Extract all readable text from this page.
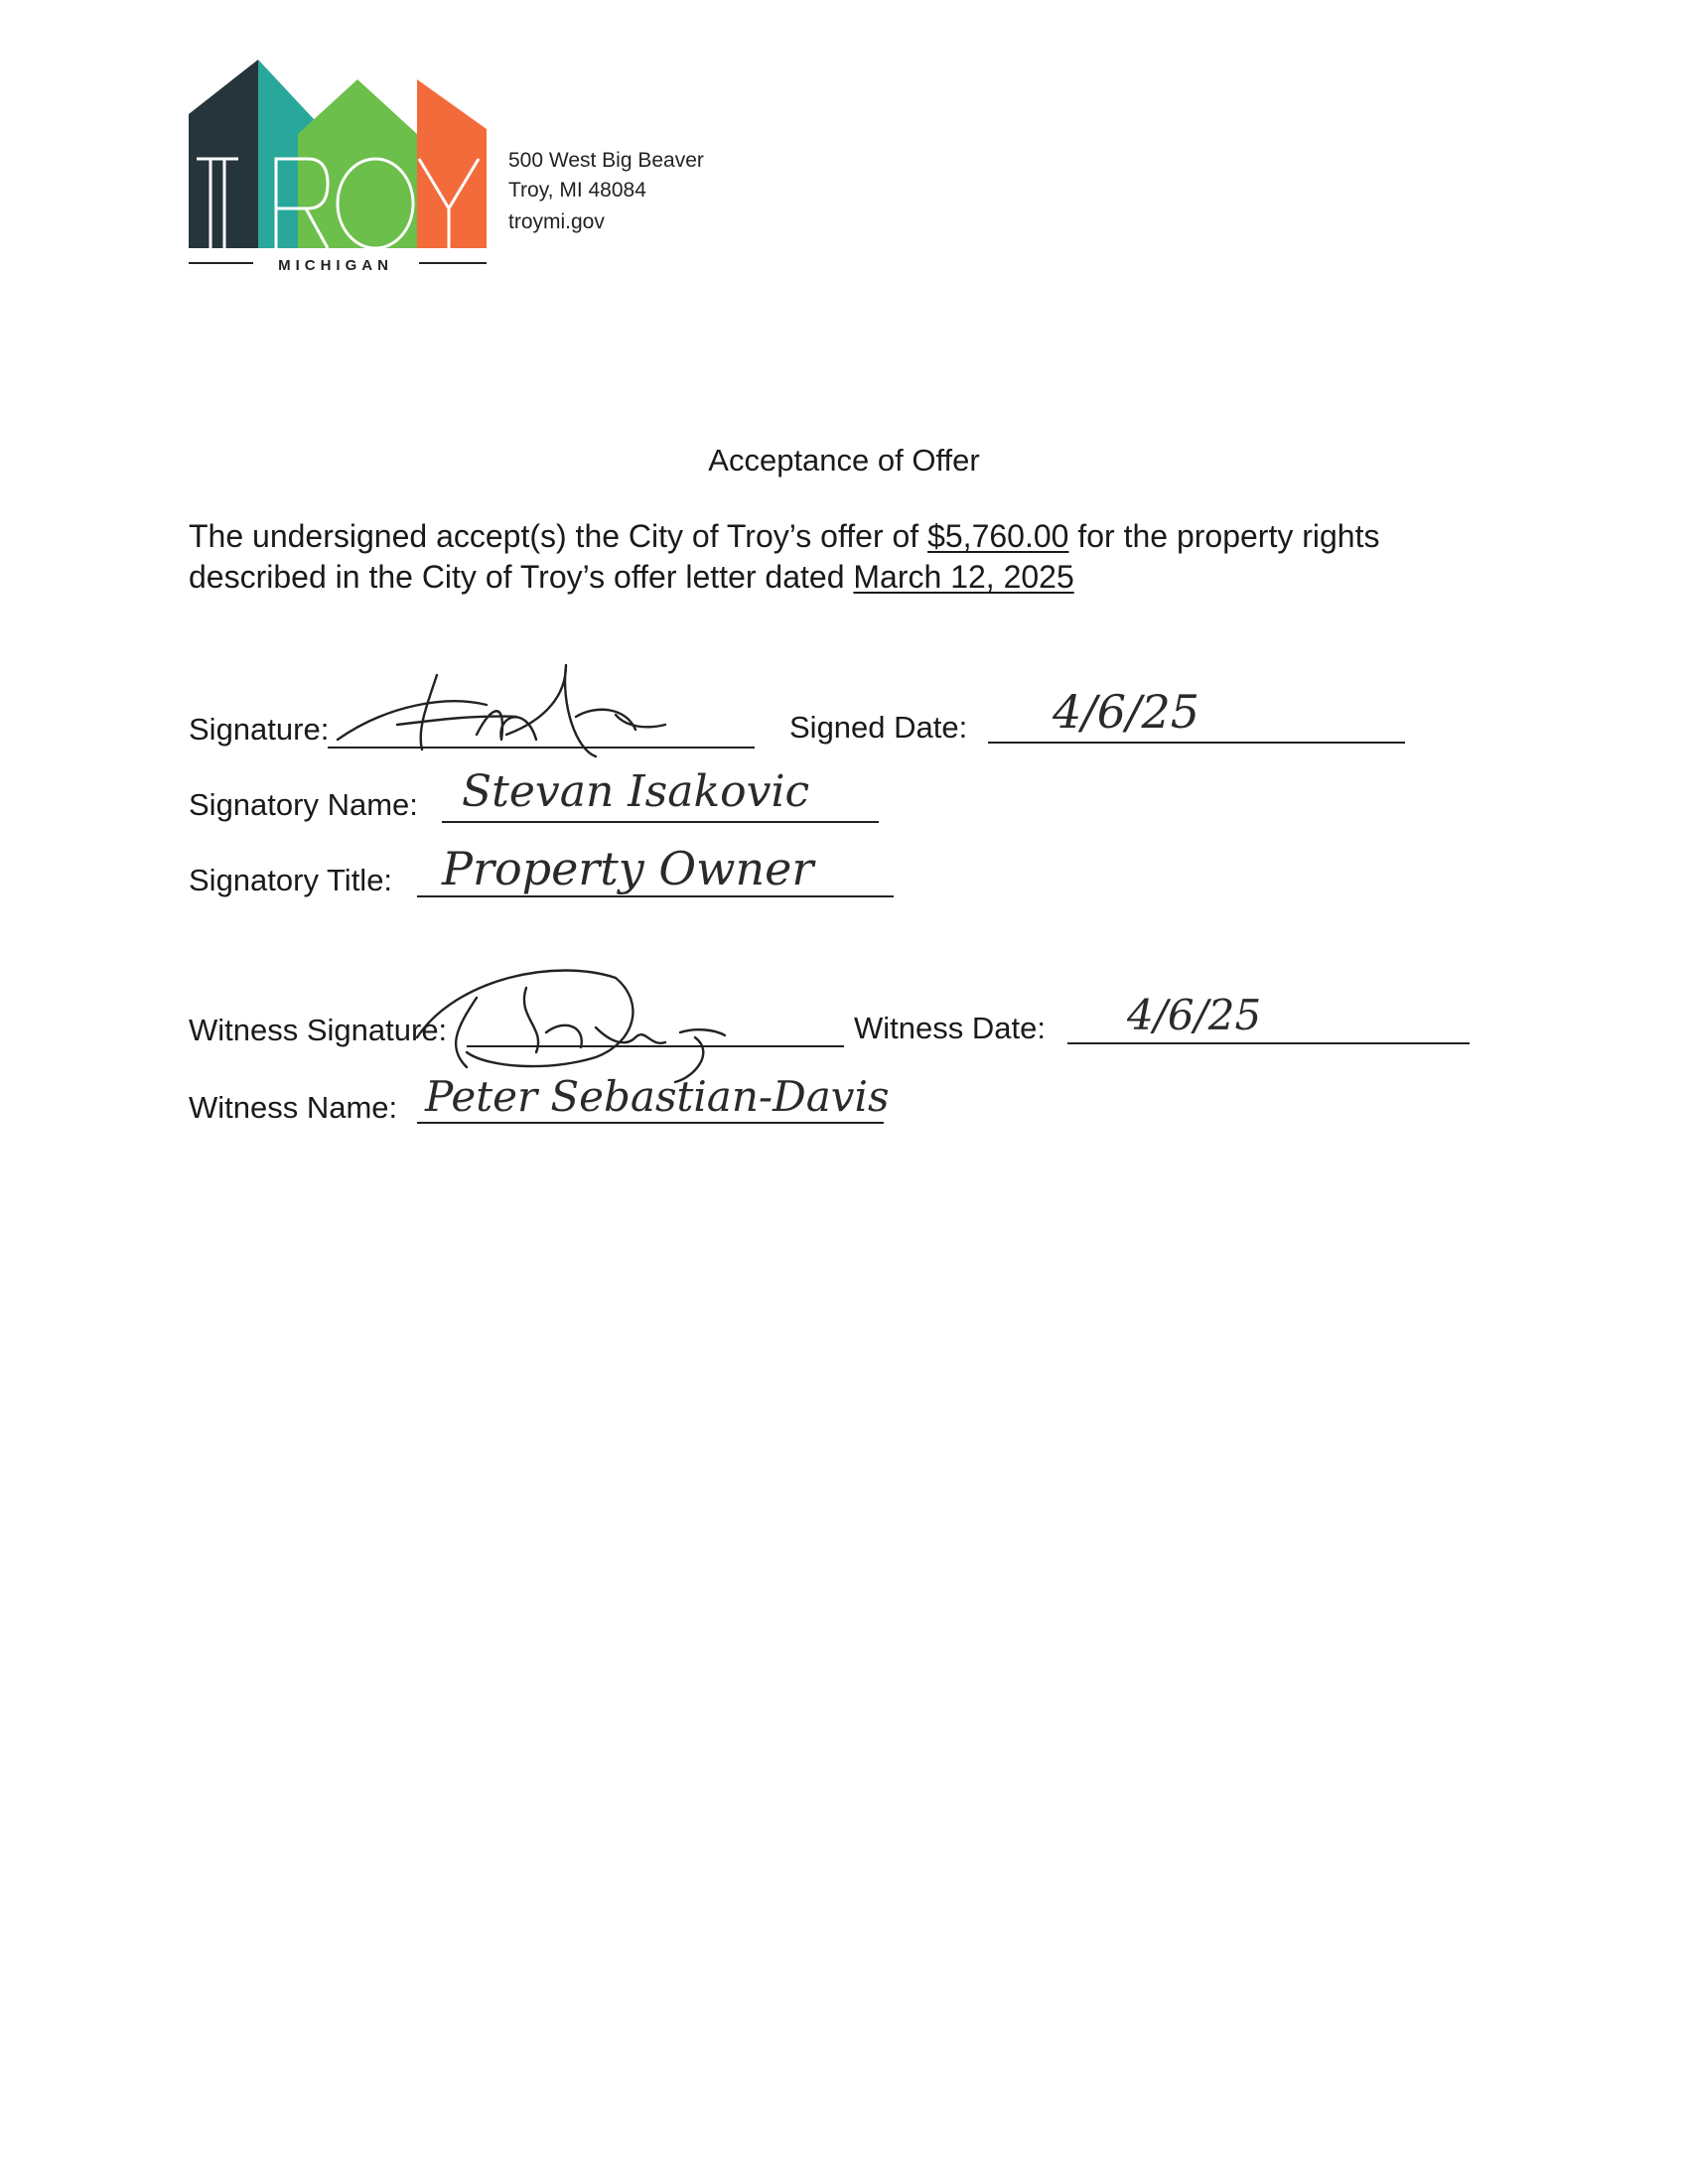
MICHIGAN
500 West Big Beaver
Troy, MI 48084
troymi.gov
Acceptance of Offer
The undersigned accept(s) the City of Troy’s offer of $5,760.00 for the property rights described in the City of Troy’s offer letter dated March 12, 2025
Signature:	Signed Date: 4/6/25
Signatory Name: Stevan Isakovic
Signatory Title: Property Owner
Witness Signature:	Witness Date: 4/6/25
Witness Name: Peter Sebastian-Davis
